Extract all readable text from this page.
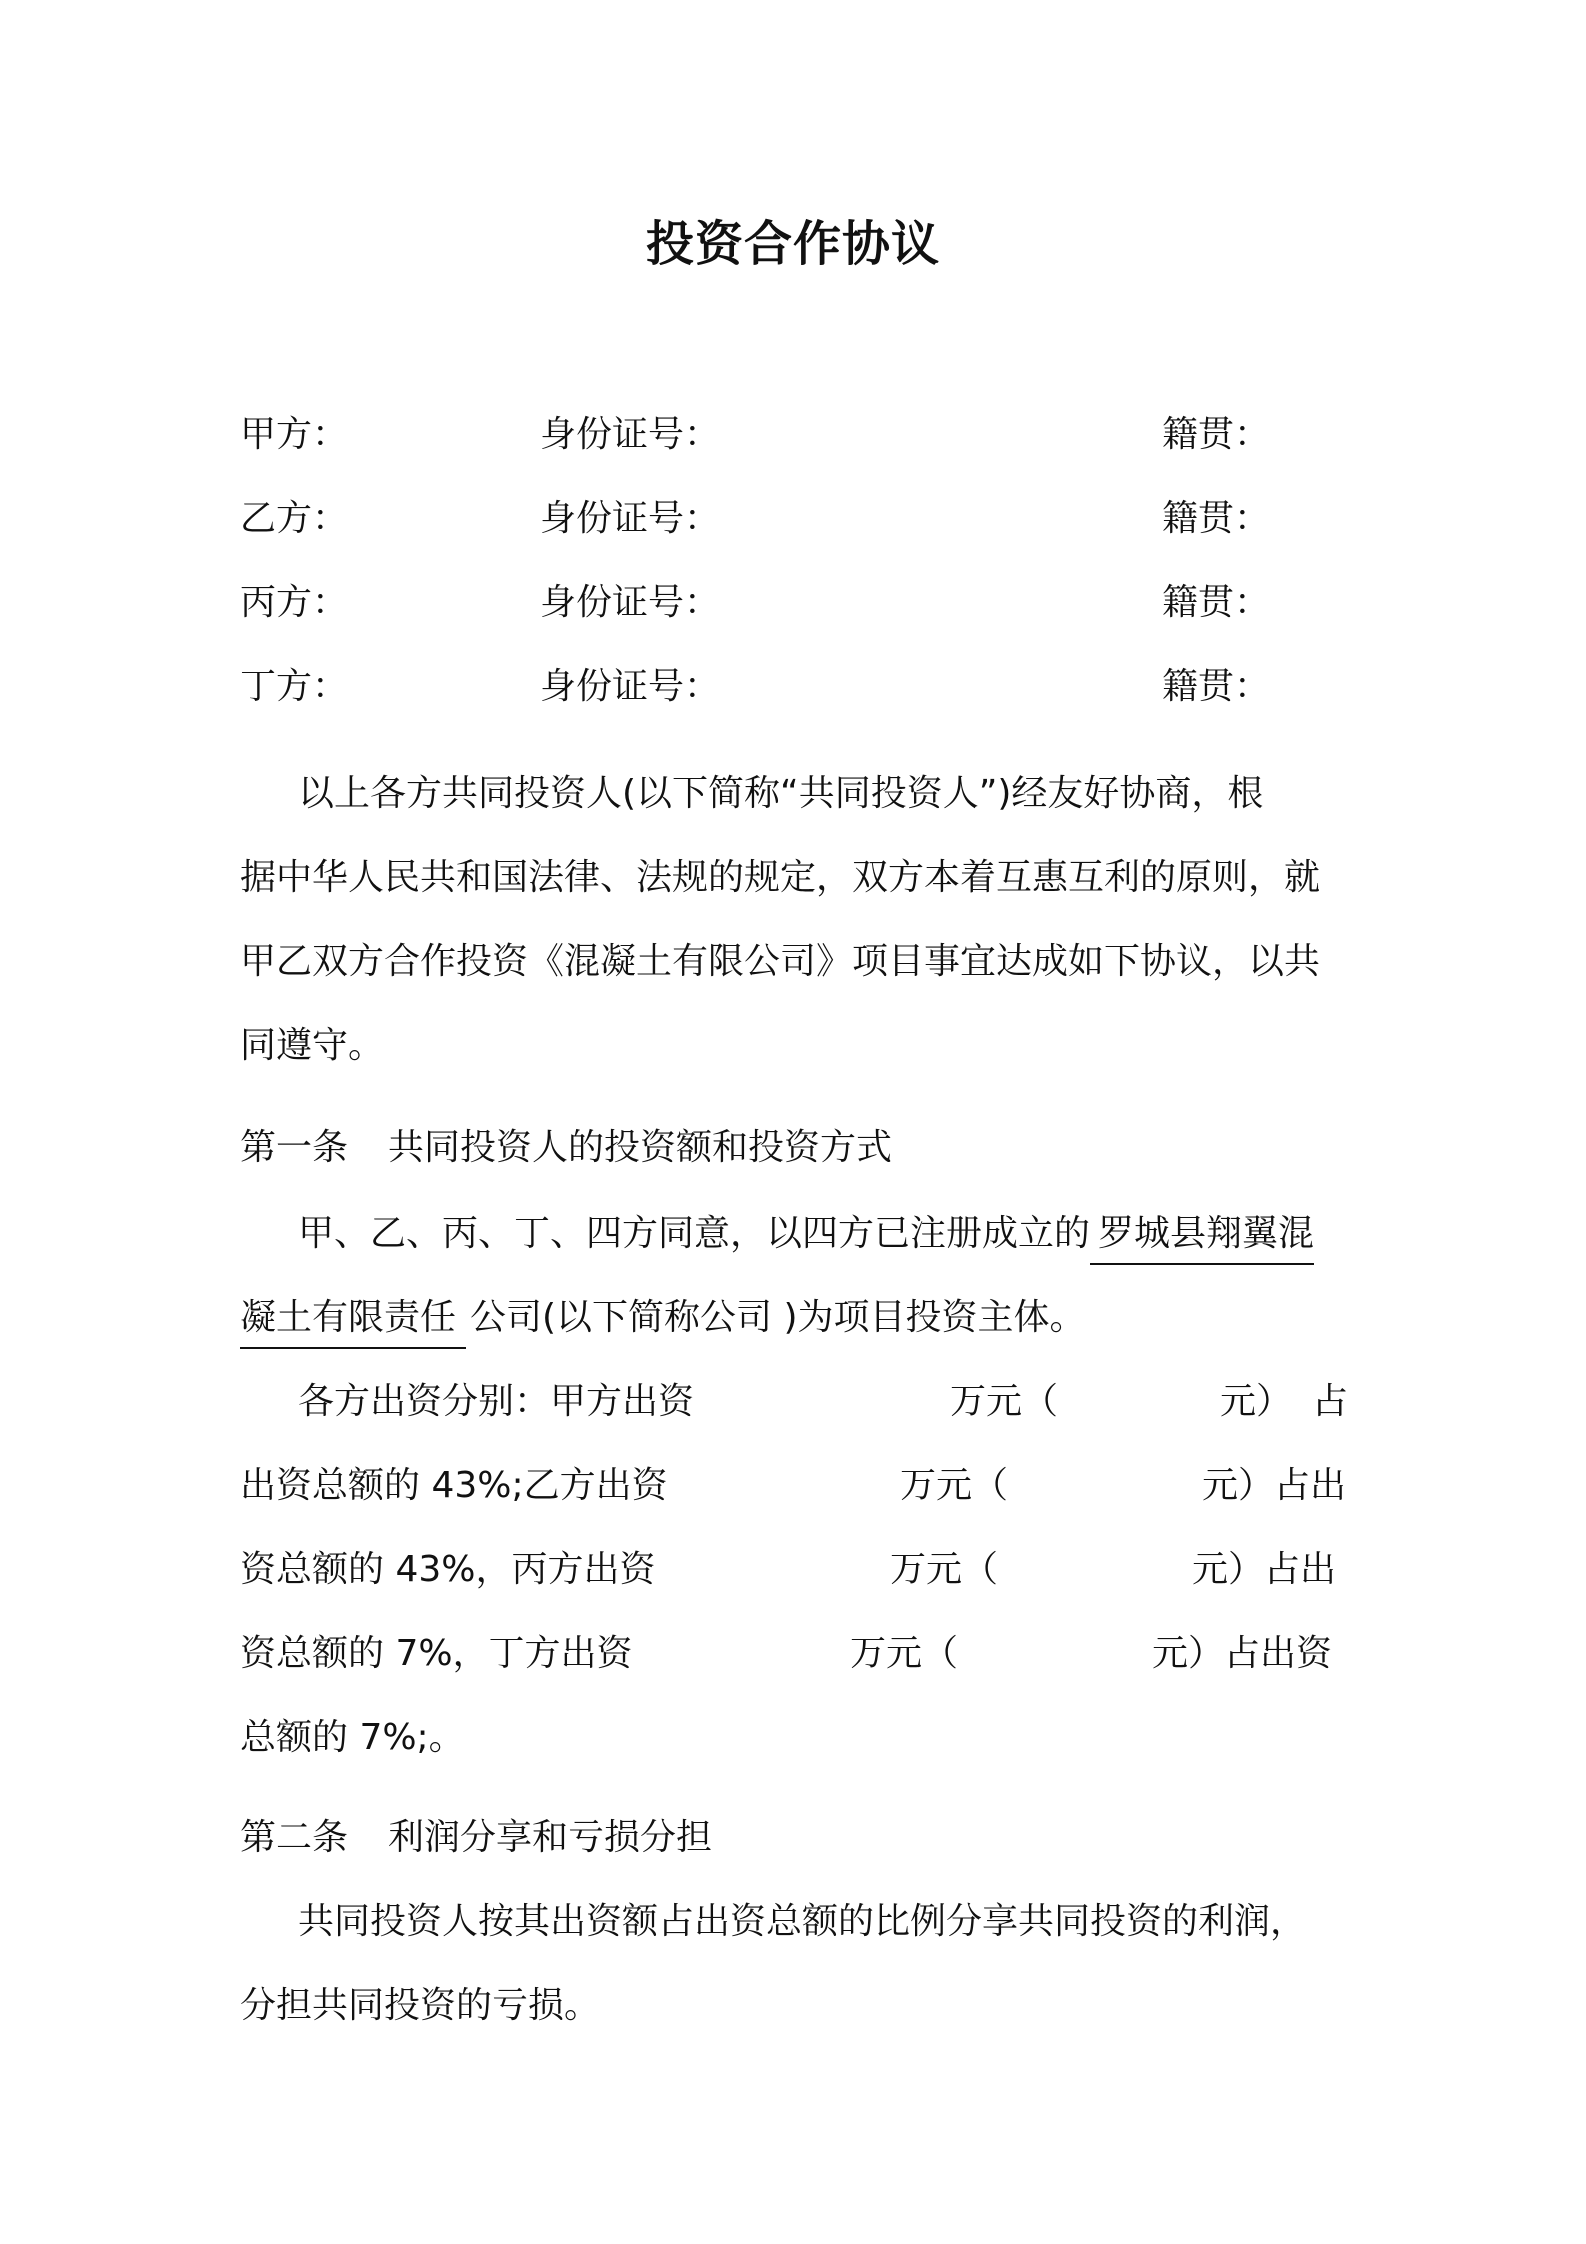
投资合作协议
甲方：	身份证号：	籍贯：
乙方：	身份证号：	籍贯：
丙方：	身份证号：	籍贯：
丁方：	身份证号：	籍贯：
以上各方共同投资人(以下简称“共同投资人”)经友好协商，根
据中华人民共和国法律、法规的规定，双方本着互惠互利的原则，就
甲乙双方合作投资《混凝土有限公司》项目事宜达成如下协议，以共
同遵守。
第一条 共同投资人的投资额和投资方式
甲、乙、丙、丁、四方同意，以四方已注册成立的 罗城县翔翼混
凝土有限责任 公司(以下简称公司 )为项目投资主体。
各方出资分别：甲方出资	万元（	元） 占
出资总额的 43%;乙方出资	万元（	元）占出
资总额的 43%，丙方出资	万元（	元）占出
资总额的 7%，丁方出资	万元（	元）占出资
总额的 7%;。
第二条 利润分享和亏损分担
共同投资人按其出资额占出资总额的比例分享共同投资的利润，
分担共同投资的亏损。
